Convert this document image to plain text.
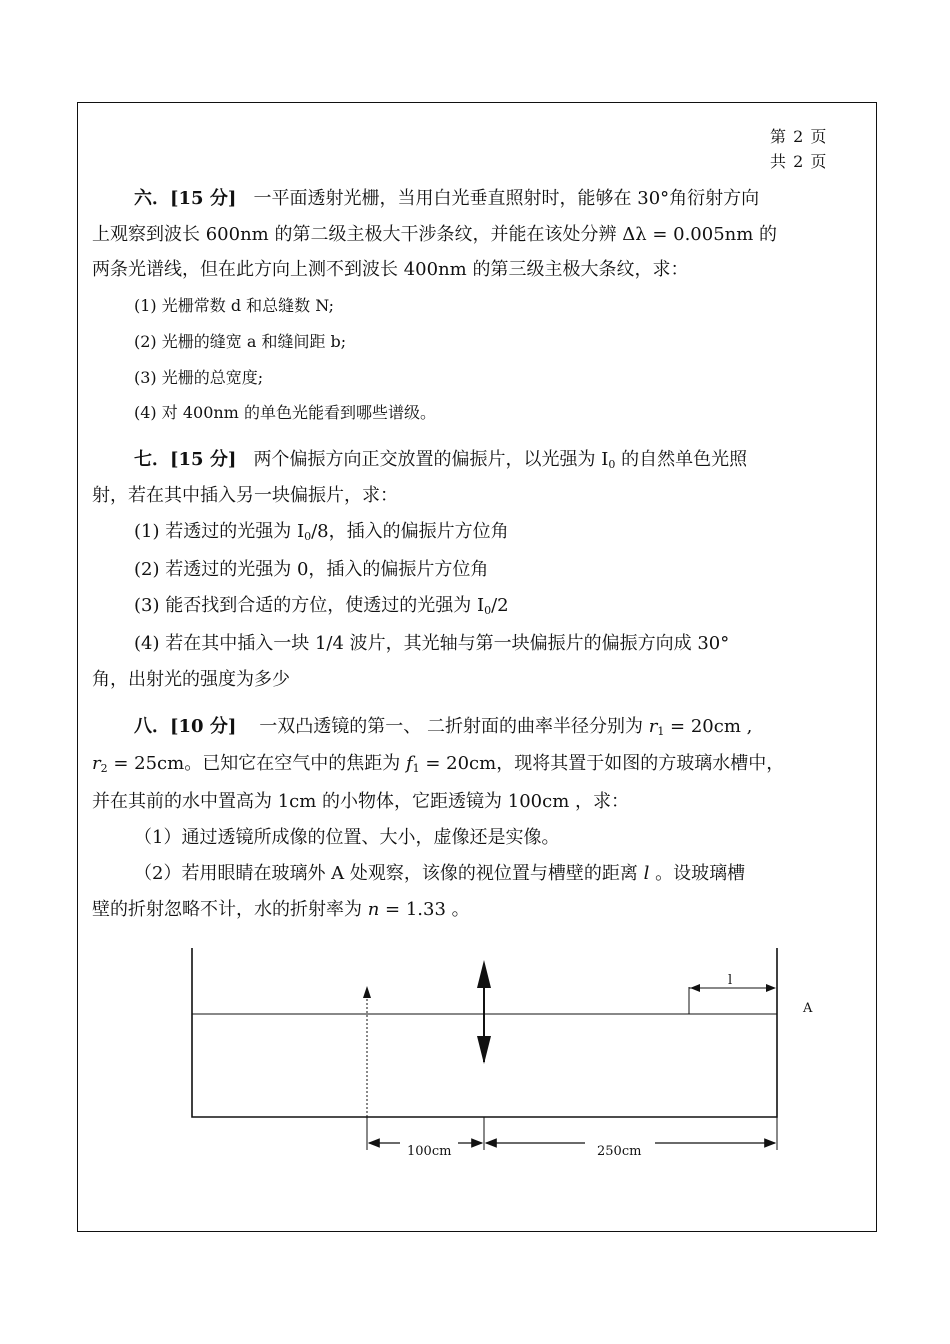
第 2 页
共 2 页
六．[15 分] 一平面透射光栅，当用白光垂直照射时，能够在 30°角衍射方向
上观察到波长 600nm 的第二级主极大干涉条纹，并能在该处分辨 Δλ = 0.005nm 的
两条光谱线，但在此方向上测不到波长 400nm 的第三级主极大条纹，求：
(1) 光栅常数 d 和总缝数 N;
(2) 光栅的缝宽 a 和缝间距 b;
(3) 光栅的总宽度;
(4) 对 400nm 的单色光能看到哪些谱级。
七．[15 分] 两个偏振方向正交放置的偏振片，以光强为 $I_0$ 的自然单色光照
射，若在其中插入另一块偏振片，求：
(1) 若透过的光强为 $I_0/8$，插入的偏振片方位角
(2) 若透过的光强为 0，插入的偏振片方位角
(3) 能否找到合适的方位，使透过的光强为 $I_0/2$
(4) 若在其中插入一块 1/4 波片，其光轴与第一块偏振片的偏振方向成 30°
角，出射光的强度为多少
八．[10 分] 一双凸透镜的第一、 二折射面的曲率半径分别为 $r_1 = 20cm$ ,
$r_2 = 25cm$。已知它在空气中的焦距为 $f_1 = 20cm$，现将其置于如图的方玻璃水槽中，
并在其前的水中置高为 1cm 的小物体，它距透镜为 100cm ，求：
（1）通过透镜所成像的位置、大小，虚像还是实像。
（2）若用眼睛在玻璃外 A 处观察，该像的视位置与槽壁的距离 l 。设玻璃槽
壁的折射忽略不计，水的折射率为 n = 1.33 。
l
A
100cm	250cm
